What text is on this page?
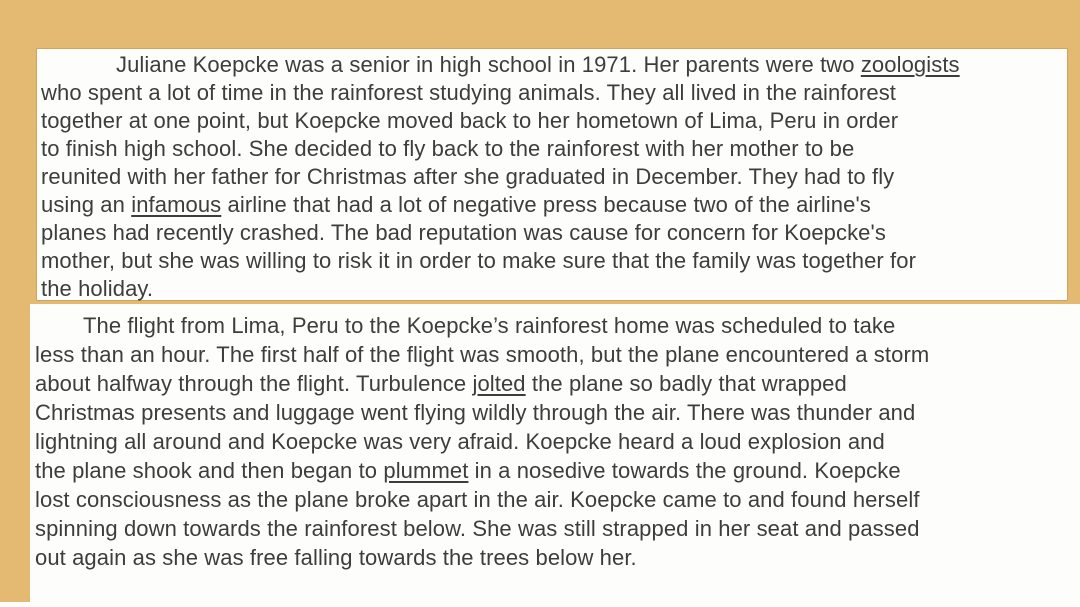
Juliane Koepcke was a senior in high school in 1971. Her parents were two zoologists
who spent a lot of time in the rainforest studying animals. They all lived in the rainforest
together at one point, but Koepcke moved back to her hometown of Lima, Peru in order
to finish high school. She decided to fly back to the rainforest with her mother to be
reunited with her father for Christmas after she graduated in December. They had to fly
using an infamous airline that had a lot of negative press because two of the airline's
planes had recently crashed. The bad reputation was cause for concern for Koepcke's
mother, but she was willing to risk it in order to make sure that the family was together for
the holiday.
The flight from Lima, Peru to the Koepcke’s rainforest home was scheduled to take
less than an hour. The first half of the flight was smooth, but the plane encountered a storm
about halfway through the flight. Turbulence jolted the plane so badly that wrapped
Christmas presents and luggage went flying wildly through the air. There was thunder and
lightning all around and Koepcke was very afraid. Koepcke heard a loud explosion and
the plane shook and then began to plummet in a nosedive towards the ground. Koepcke
lost consciousness as the plane broke apart in the air. Koepcke came to and found herself
spinning down towards the rainforest below. She was still strapped in her seat and passed
out again as she was free falling towards the trees below her.
